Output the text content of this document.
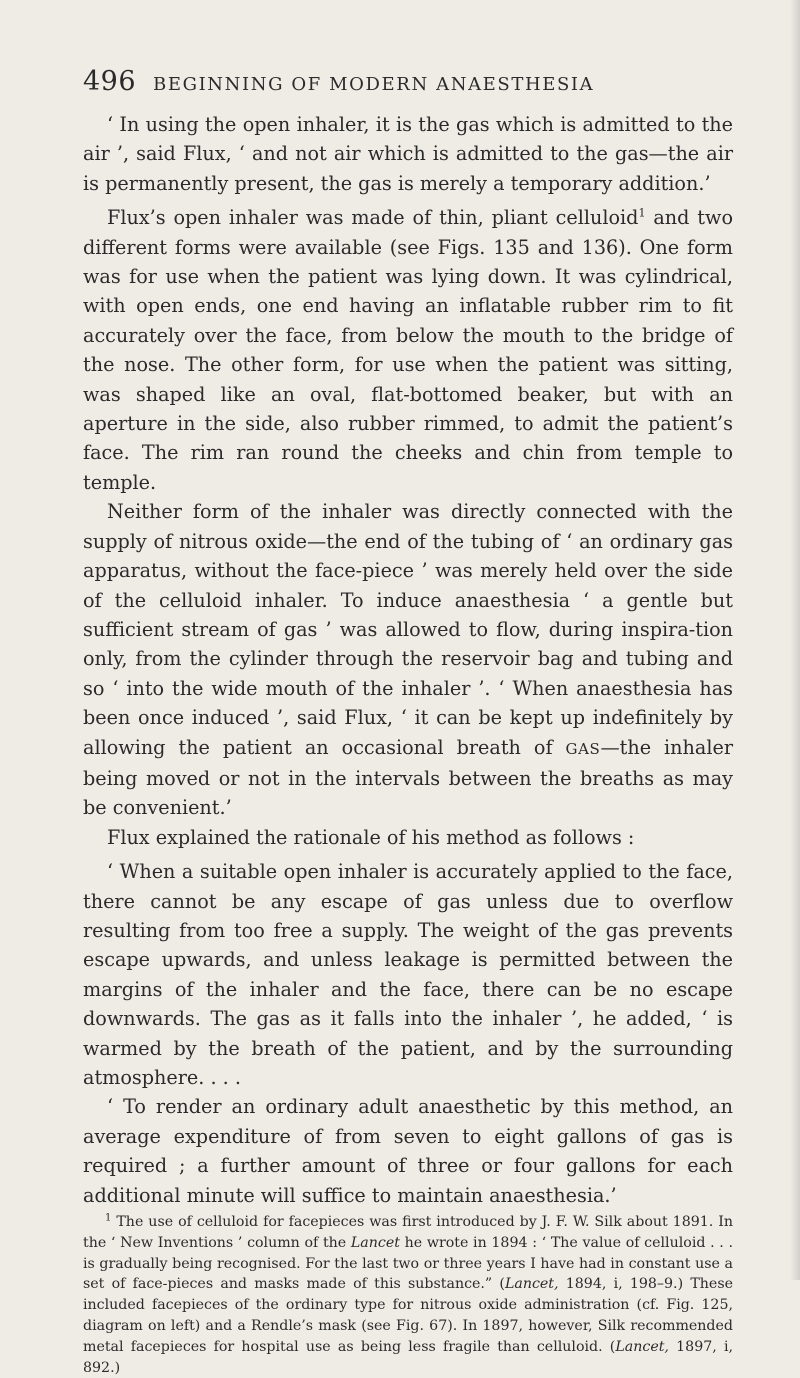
496 BEGINNING OF MODERN ANAESTHESIA

‘ In using the open inhaler, it is the gas which is admitted to the air ’, said Flux, ‘ and not air which is admitted to the gas—the air is permanently present, the gas is merely a temporary addition.’

Flux’s open inhaler was made of thin, pliant celluloid$^1$ and two different forms were available (see Figs. 135 and 136). One form was for use when the patient was lying down. It was cylindrical, with open ends, one end having an inflatable rubber rim to fit accurately over the face, from below the mouth to the bridge of the nose. The other form, for use when the patient was sitting, was shaped like an oval, flat-bottomed beaker, but with an aperture in the side, also rubber rimmed, to admit the patient’s face. The rim ran round the cheeks and chin from temple to temple.

Neither form of the inhaler was directly connected with the supply of nitrous oxide—the end of the tubing of ‘ an ordinary gas apparatus, without the face-piece ’ was merely held over the side of the celluloid inhaler. To induce anaesthesia ‘ a gentle but sufficient stream of gas ’ was allowed to flow, during inspira-tion only, from the cylinder through the reservoir bag and tubing and so ‘ into the wide mouth of the inhaler ’. ‘ When anaesthesia has been once induced ’, said Flux, ‘ it can be kept up indefinitely by allowing the patient an occasional breath of GAS—the inhaler being moved or not in the intervals between the breaths as may be convenient.’

Flux explained the rationale of his method as follows :

‘ When a suitable open inhaler is accurately applied to the face, there cannot be any escape of gas unless due to overflow resulting from too free a supply. The weight of the gas prevents escape upwards, and unless leakage is permitted between the margins of the inhaler and the face, there can be no escape downwards. The gas as it falls into the inhaler ’, he added, ‘ is warmed by the breath of the patient, and by the surrounding atmosphere. . . .

‘ To render an ordinary adult anaesthetic by this method, an average expenditure of from seven to eight gallons of gas is required ; a further amount of three or four gallons for each additional minute will suffice to maintain anaesthesia.’

$^1$ The use of celluloid for facepieces was first introduced by J. F. W. Silk about 1891. In the ‘ New Inventions ’ column of the Lancet he wrote in 1894 : ‘ The value of celluloid . . . is gradually being recognised. For the last two or three years I have had in constant use a set of face-pieces and masks made of this substance.” (Lancet, 1894, i, 198–9.) These included facepieces of the ordinary type for nitrous oxide administration (cf. Fig. 125, diagram on left) and a Rendle’s mask (see Fig. 67). In 1897, however, Silk recommended metal facepieces for hospital use as being less fragile than celluloid. (Lancet, 1897, i, 892.)
